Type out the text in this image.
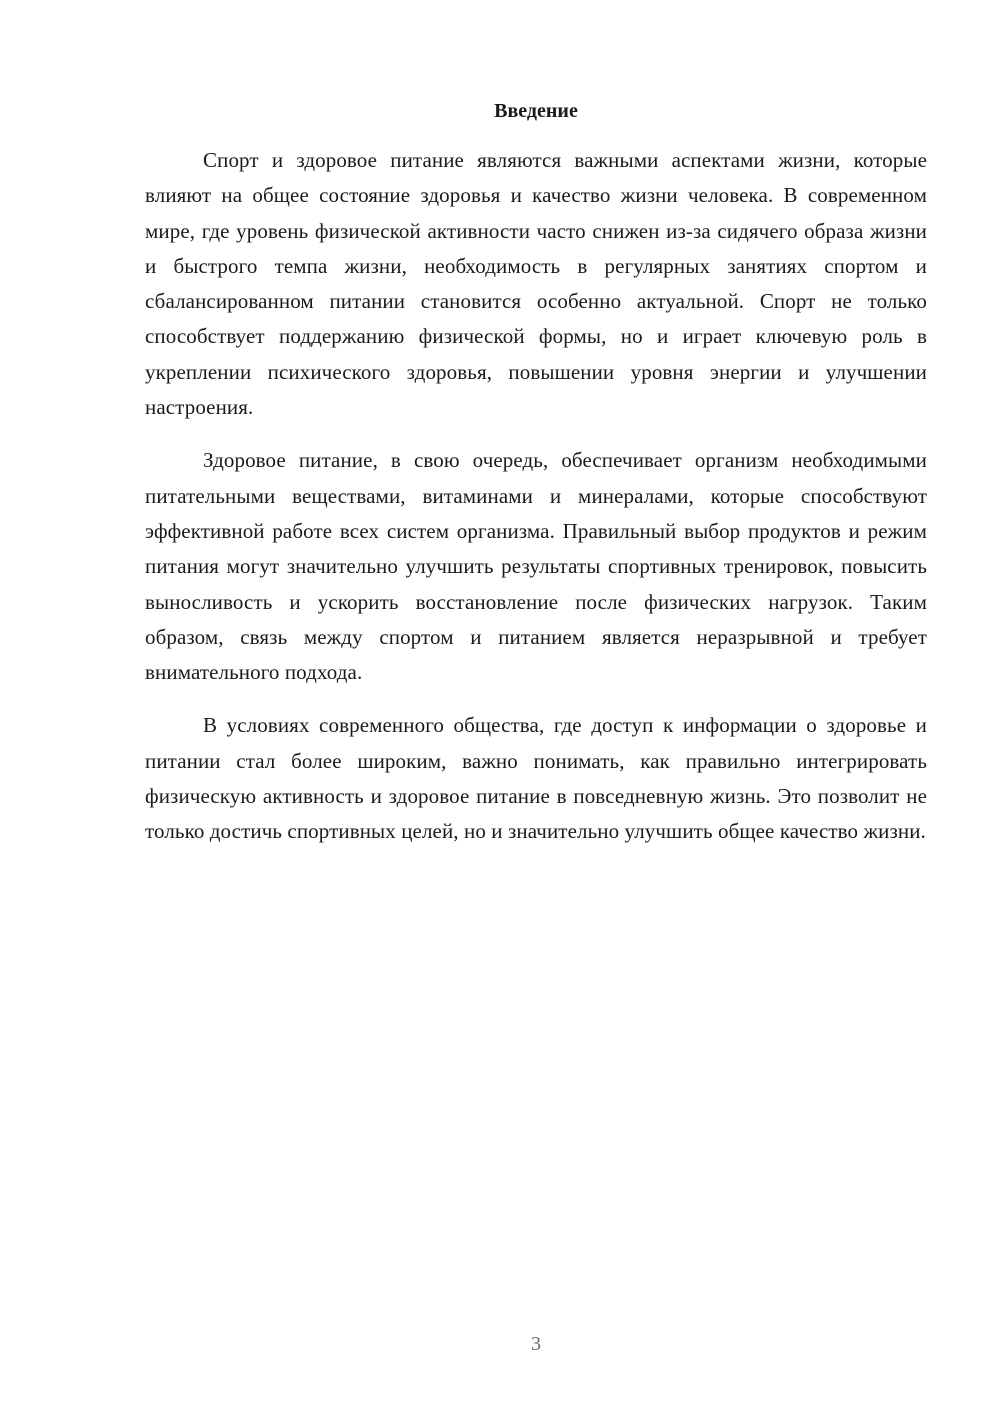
Введение

Спорт и здоровое питание являются важными аспектами жизни, которые влияют на общее состояние здоровья и качество жизни человека. В современном мире, где уровень физической активности часто снижен из-за сидячего образа жизни и быстрого темпа жизни, необходимость в регулярных занятиях спортом и сбалансированном питании становится особенно актуальной. Спорт не только способствует поддержанию физической формы, но и играет ключевую роль в укреплении психического здоровья, повышении уровня энергии и улучшении настроения.

Здоровое питание, в свою очередь, обеспечивает организм необходимыми питательными веществами, витаминами и минералами, которые способствуют эффективной работе всех систем организма. Правильный выбор продуктов и режим питания могут значительно улучшить результаты спортивных тренировок, повысить выносливость и ускорить восстановление после физических нагрузок. Таким образом, связь между спортом и питанием является неразрывной и требует внимательного подхода.

В условиях современного общества, где доступ к информации о здоровье и питании стал более широким, важно понимать, как правильно интегрировать физическую активность и здоровое питание в повседневную жизнь. Это позволит не только достичь спортивных целей, но и значительно улучшить общее качество жизни.

3
